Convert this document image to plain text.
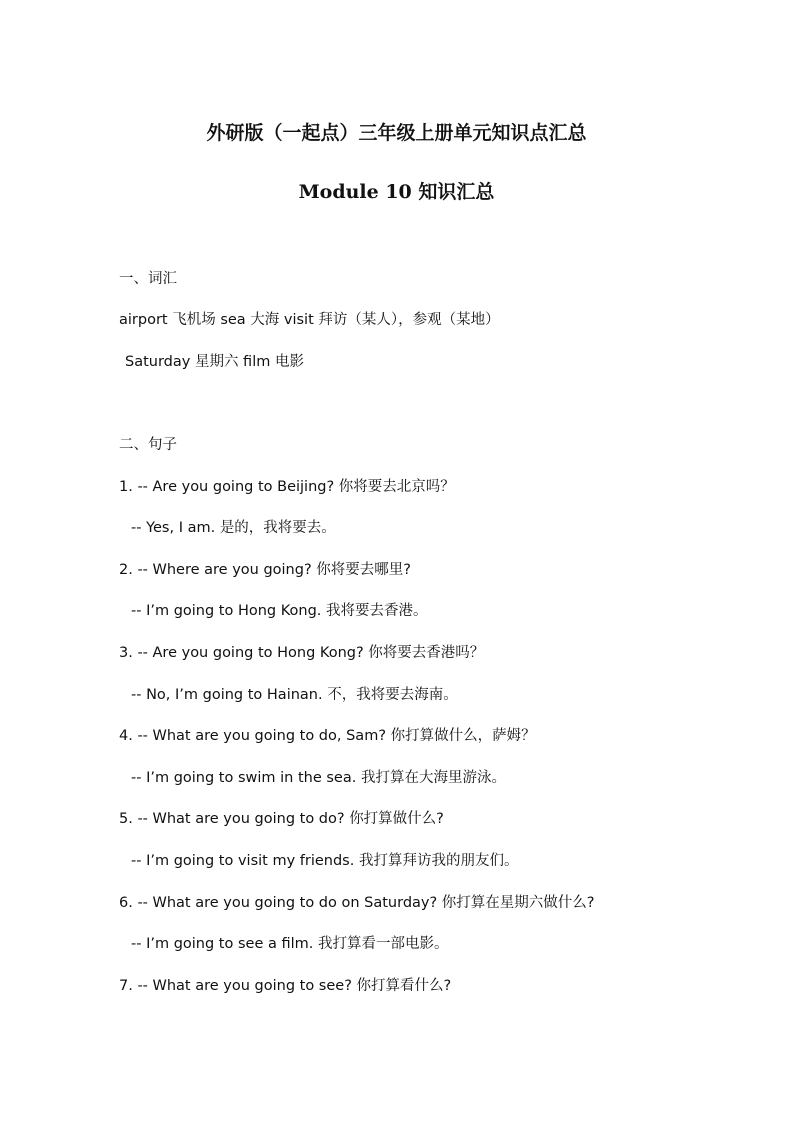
外研版（一起点）三年级上册单元知识点汇总
Module 10 知识汇总
一、词汇
airport 飞机场 sea 大海 visit 拜访（某人），参观（某地）
Saturday 星期六 film 电影
二、句子
1. -- Are you going to Beijing? 你将要去北京吗？
-- Yes, I am. 是的，我将要去。
2. -- Where are you going? 你将要去哪里?
-- I’m going to Hong Kong. 我将要去香港。
3. -- Are you going to Hong Kong? 你将要去香港吗？
-- No, I’m going to Hainan. 不，我将要去海南。
4. -- What are you going to do, Sam? 你打算做什么，萨姆？
-- I’m going to swim in the sea. 我打算在大海里游泳。
5. -- What are you going to do? 你打算做什么?
-- I’m going to visit my friends. 我打算拜访我的朋友们。
6. -- What are you going to do on Saturday? 你打算在星期六做什么?
-- I’m going to see a film. 我打算看一部电影。
7. -- What are you going to see? 你打算看什么?
